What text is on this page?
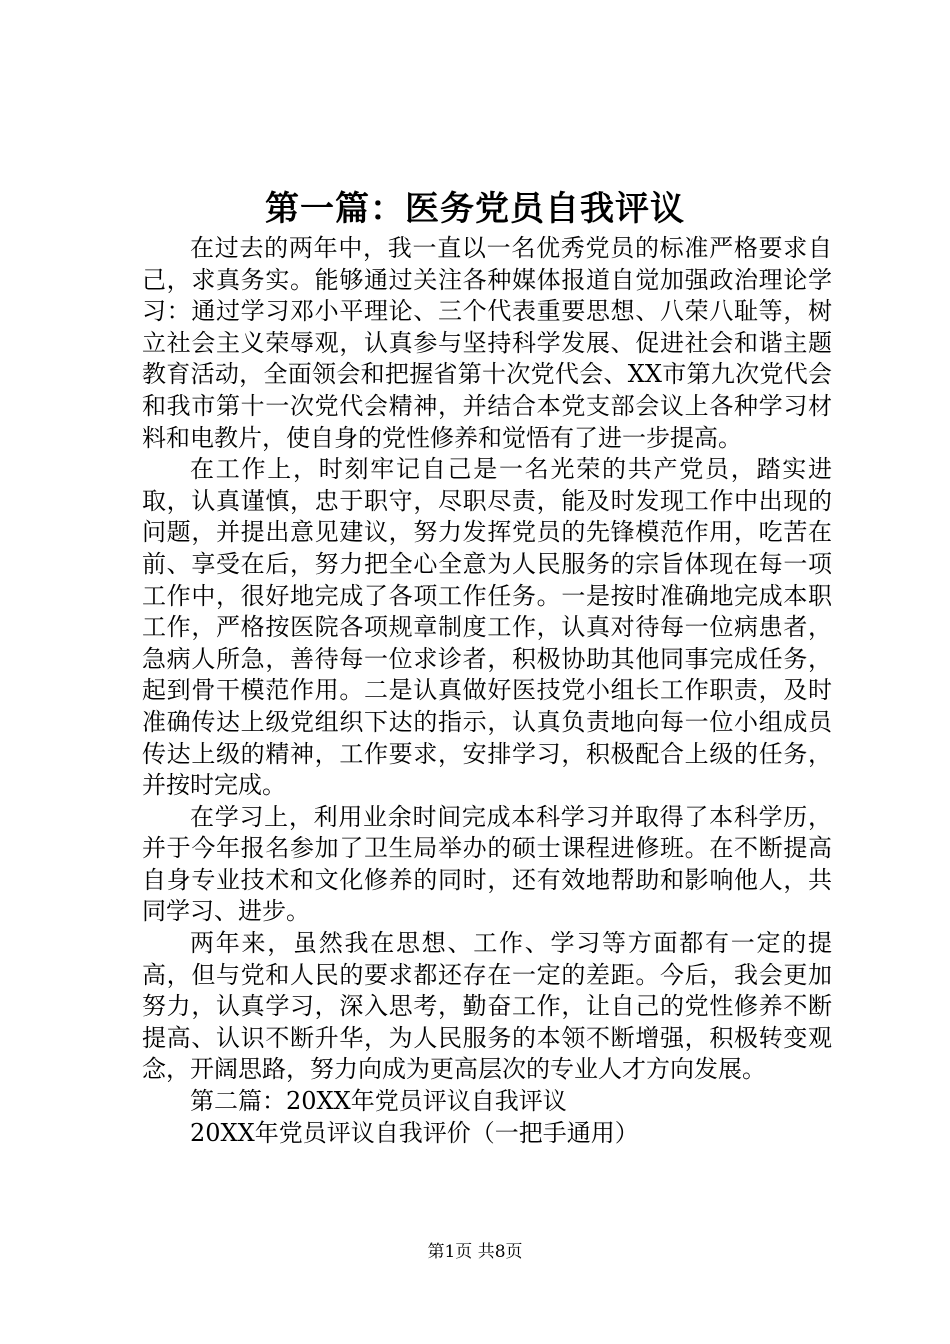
第一篇：医务党员自我评议

在过去的两年中，我一直以一名优秀党员的标准严格要求自己，求真务实。能够通过关注各种媒体报道自觉加强政治理论学习：通过学习邓小平理论、三个代表重要思想、八荣八耻等，树立社会主义荣辱观，认真参与坚持科学发展、促进社会和谐主题教育活动，全面领会和把握省第十次党代会、XX市第九次党代会和我市第十一次党代会精神，并结合本党支部会议上各种学习材料和电教片，使自身的党性修养和觉悟有了进一步提高。

在工作上，时刻牢记自己是一名光荣的共产党员，踏实进取，认真谨慎，忠于职守，尽职尽责，能及时发现工作中出现的问题，并提出意见建议，努力发挥党员的先锋模范作用，吃苦在前、享受在后，努力把全心全意为人民服务的宗旨体现在每一项工作中，很好地完成了各项工作任务。一是按时准确地完成本职工作，严格按医院各项规章制度工作，认真对待每一位病患者，急病人所急，善待每一位求诊者，积极协助其他同事完成任务，起到骨干模范作用。二是认真做好医技党小组长工作职责，及时准确传达上级党组织下达的指示，认真负责地向每一位小组成员传达上级的精神，工作要求，安排学习，积极配合上级的任务，并按时完成。

在学习上，利用业余时间完成本科学习并取得了本科学历，并于今年报名参加了卫生局举办的硕士课程进修班。在不断提高自身专业技术和文化修养的同时，还有效地帮助和影响他人，共同学习、进步。

两年来，虽然我在思想、工作、学习等方面都有一定的提高，但与党和人民的要求都还存在一定的差距。今后，我会更加努力，认真学习，深入思考，勤奋工作，让自己的党性修养不断提高、认识不断升华，为人民服务的本领不断增强，积极转变观念，开阔思路，努力向成为更高层次的专业人才方向发展。

第二篇：20XX年党员评议自我评议

20XX年党员评议自我评价（一把手通用）

第1页 共8页
